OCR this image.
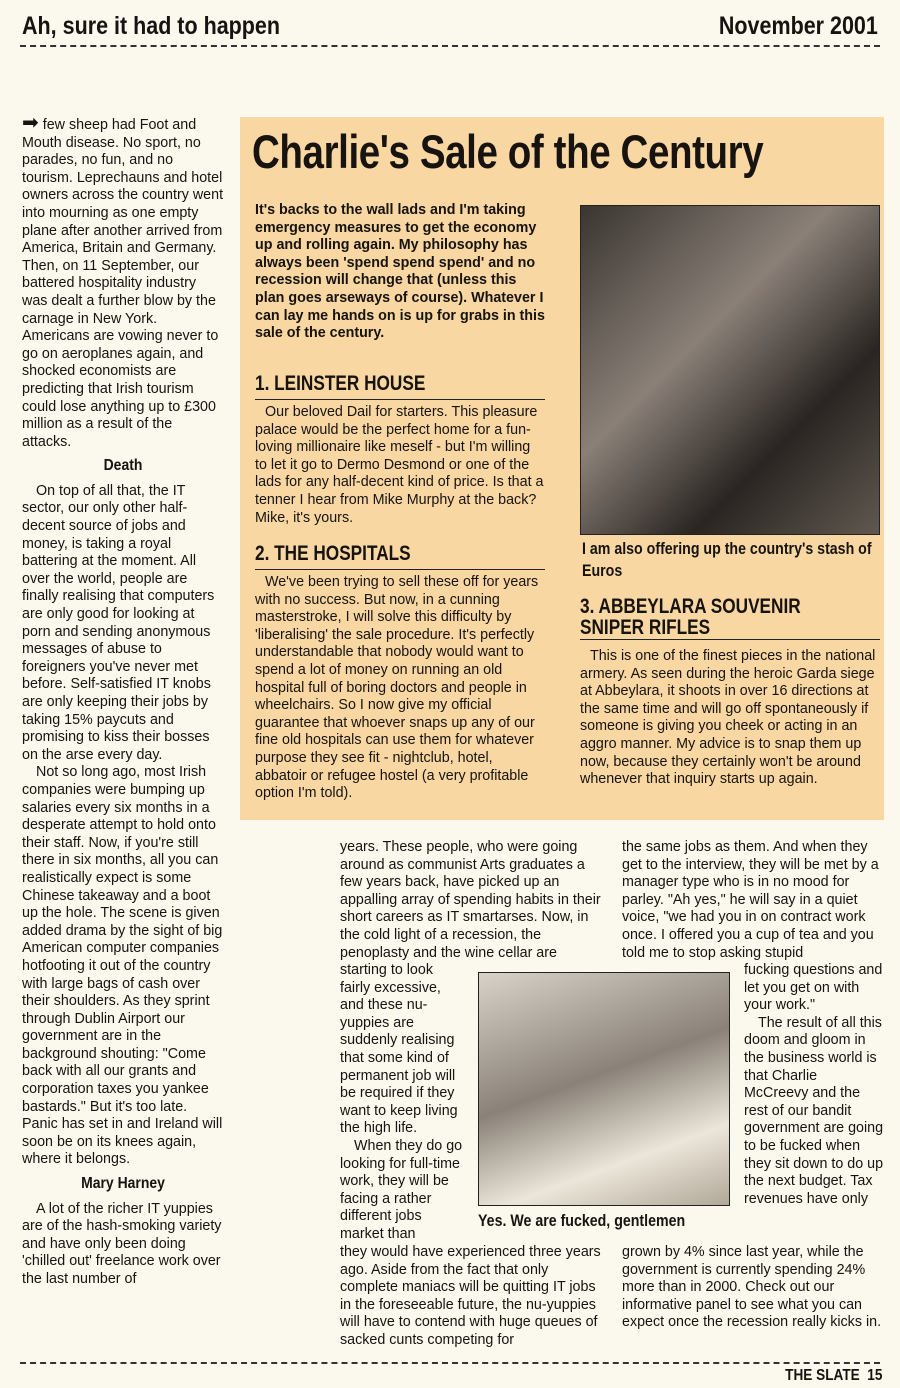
Ah, sure it had to happen	November 2001

➡ few sheep had Foot and Mouth disease. No sport, no parades, no fun, and no tourism. Leprechauns and hotel owners across the country went into mourning as one empty plane after another arrived from America, Britain and Germany. Then, on 11 September, our battered hospitality industry was dealt a further blow by the carnage in New York. Americans are vowing never to go on aeroplanes again, and shocked economists are predicting that Irish tourism could lose anything up to £300 million as a result of the attacks.

Death

On top of all that, the IT sector, our only other half-decent source of jobs and money, is taking a royal battering at the moment. All over the world, people are finally realising that computers are only good for looking at porn and sending anonymous messages of abuse to foreigners you've never met before. Self-satisfied IT knobs are only keeping their jobs by taking 15% paycuts and promising to kiss their bosses on the arse every day.

Not so long ago, most Irish companies were bumping up salaries every six months in a desperate attempt to hold onto their staff. Now, if you're still there in six months, all you can realistically expect is some Chinese takeaway and a boot up the hole. The scene is given added drama by the sight of big American computer companies hotfooting it out of the country with large bags of cash over their shoulders. As they sprint through Dublin Airport our government are in the background shouting: "Come back with all our grants and corporation taxes you yankee bastards." But it's too late. Panic has set in and Ireland will soon be on its knees again, where it belongs.

Mary Harney

A lot of the richer IT yuppies are of the hash-smoking variety and have only been doing 'chilled out' freelance work over the last number of

Charlie's Sale of the Century
It's backs to the wall lads and I'm taking emergency measures to get the economy up and rolling again. My philosophy has always been 'spend spend spend' and no recession will change that (unless this plan goes arseways of course). Whatever I can lay me hands on is up for grabs in this sale of the century.
I am also offering up the country's stash of Euros
1. LEINSTER HOUSE
Our beloved Dail for starters. This pleasure palace would be the perfect home for a fun-loving millionaire like meself - but I'm willing to let it go to Dermo Desmond or one of the lads for any half-decent kind of price. Is that a tenner I hear from Mike Murphy at the back? Mike, it's yours.
2. THE HOSPITALS
We've been trying to sell these off for years with no success. But now, in a cunning masterstroke, I will solve this difficulty by 'liberalising' the sale procedure. It's perfectly understandable that nobody would want to spend a lot of money on running an old hospital full of boring doctors and people in wheelchairs. So I now give my official guarantee that whoever snaps up any of our fine old hospitals can use them for whatever purpose they see fit - nightclub, hotel, abbatoir or refugee hostel (a very profitable option I'm told).
3. ABBEYLARA SOUVENIR SNIPER RIFLES
This is one of the finest pieces in the national armery. As seen during the heroic Garda siege at Abbeylara, it shoots in over 16 directions at the same time and will go off spontaneously if someone is giving you cheek or acting in an aggro manner. My advice is to snap them up now, because they certainly won't be around whenever that inquiry starts up again.
years. These people, who were going around as communist Arts graduates a few years back, have picked up an appalling array of spending habits in their short careers as IT smartarses. Now, in the cold light of a recession, the penoplasty and the wine cellar are
starting to look fairly excessive, and these nu-yuppies are suddenly realising that some kind of permanent job will be required if they want to keep living the high life.

When they do go looking for full-time work, they will be facing a rather different jobs market than

they would have experienced three years ago. Aside from the fact that only complete maniacs will be quitting IT jobs in the foreseeable future, the nu-yuppies will have to contend with huge queues of sacked cunts competing for
the same jobs as them. And when they get to the interview, they will be met by a manager type who is in no mood for parley. "Ah yes," he will say in a quiet voice, "we had you in on contract work once. I offered you a cup of tea and you told me to stop asking stupid
fucking questions and let you get on with your work."

The result of all this doom and gloom in the business world is that Charlie McCreevy and the rest of our bandit government are going to be fucked when they sit down to do up the next budget. Tax revenues have only

grown by 4% since last year, while the government is currently spending 24% more than in 2000. Check out our informative panel to see what you can expect once the recession really kicks in.
Yes. We are fucked, gentlemen
THE SLATE 15
